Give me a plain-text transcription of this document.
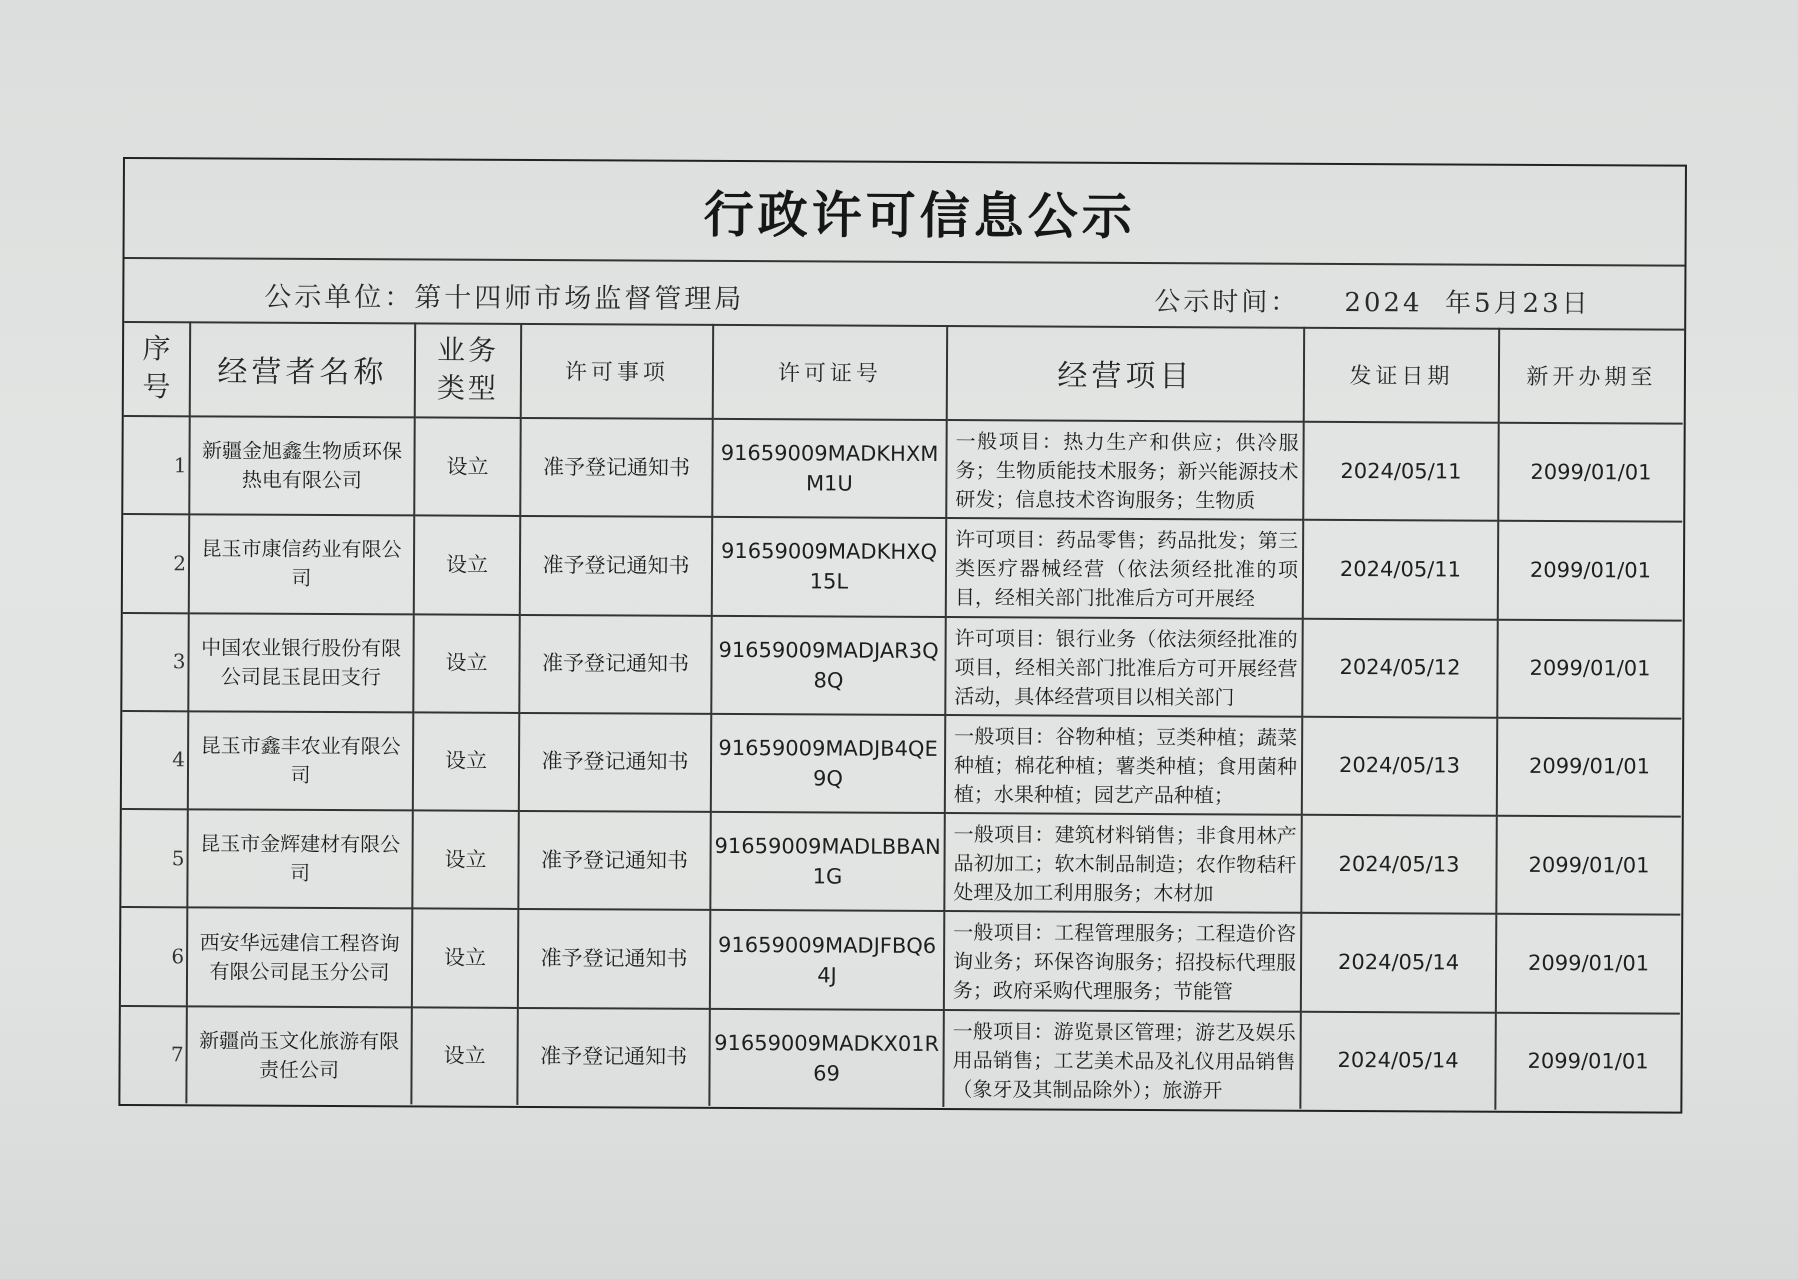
行政许可信息公示
公示单位：第十四师市场监督管理局	公示时间：    2024  年5月23日
序号	经营者名称	业务类型	许可事项	许可证号	经营项目	发证日期	新开办期至
1	新疆金旭鑫生物质环保热电有限公司	设立	准予登记通知书	91659009MADKHXMM1U	一般项目：热力生产和供应；供冷服务；生物质能技术服务；新兴能源技术研发；信息技术咨询服务；生物质	2024/05/11	2099/01/01
2	昆玉市康信药业有限公司	设立	准予登记通知书	91659009MADKHXQ15L	许可项目：药品零售；药品批发；第三类医疗器械经营（依法须经批准的项目，经相关部门批准后方可开展经	2024/05/11	2099/01/01
3	中国农业银行股份有限公司昆玉昆田支行	设立	准予登记通知书	91659009MADJAR3Q8Q	许可项目：银行业务（依法须经批准的项目，经相关部门批准后方可开展经营活动，具体经营项目以相关部门	2024/05/12	2099/01/01
4	昆玉市鑫丰农业有限公司	设立	准予登记通知书	91659009MADJB4QE9Q	一般项目：谷物种植；豆类种植；蔬菜种植；棉花种植；薯类种植；食用菌种植；水果种植；园艺产品种植；	2024/05/13	2099/01/01
5	昆玉市金辉建材有限公司	设立	准予登记通知书	91659009MADLBBAN1G	一般项目：建筑材料销售；非食用林产品初加工；软木制品制造；农作物秸秆处理及加工利用服务；木材加	2024/05/13	2099/01/01
6	西安华远建信工程咨询有限公司昆玉分公司	设立	准予登记通知书	91659009MADJFBQ64J	一般项目：工程管理服务；工程造价咨询业务；环保咨询服务；招投标代理服务；政府采购代理服务；节能管	2024/05/14	2099/01/01
7	新疆尚玉文化旅游有限责任公司	设立	准予登记通知书	91659009MADKX01R69	一般项目：游览景区管理；游艺及娱乐用品销售；工艺美术品及礼仪用品销售（象牙及其制品除外）；旅游开	2024/05/14	2099/01/01
